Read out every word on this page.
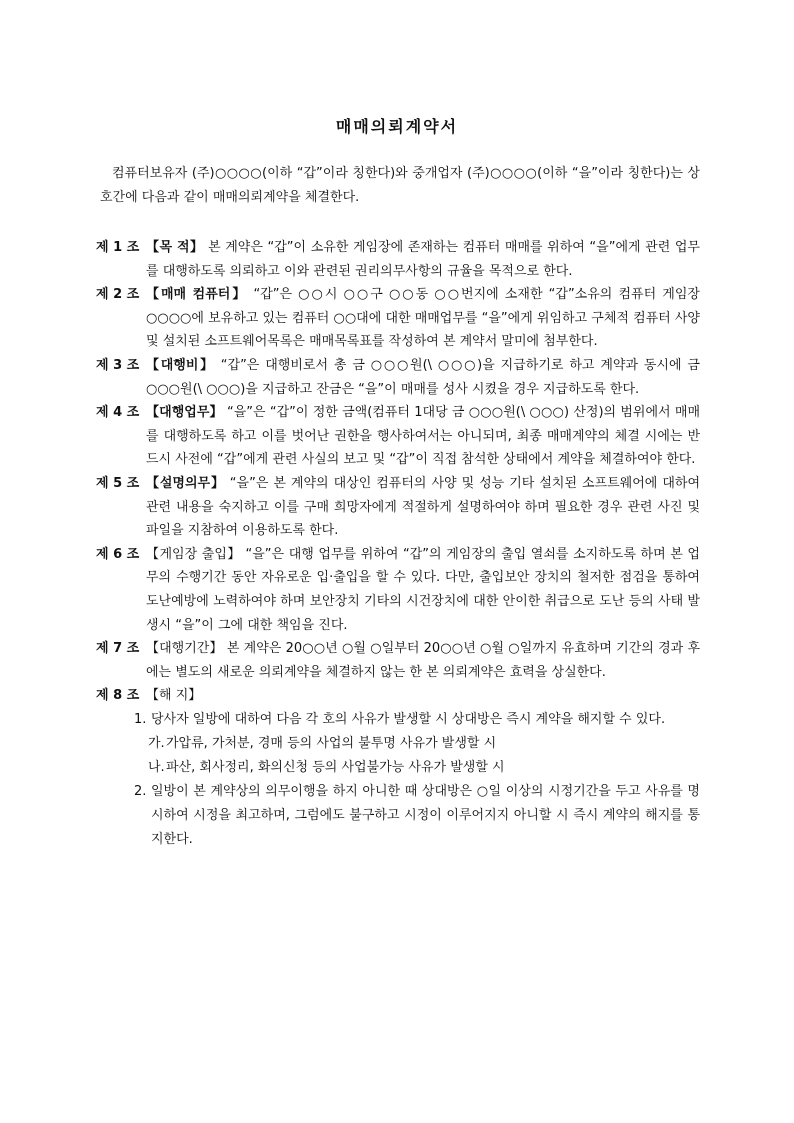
매매의뢰계약서
컴퓨터보유자 (주)○○○○(이하 “갑”이라 칭한다)와 중개업자 (주)○○○○(이하 “을”이라 칭한다)는 상호간에 다음과 같이 매매의뢰계약을 체결한다.
제 1 조 【목 적】 본 계약은 “갑”이 소유한 게임장에 존재하는 컴퓨터 매매를 위하여 “을”에게 관련 업무를 대행하도록 의뢰하고 이와 관련된 권리의무사항의 규율을 목적으로 한다.
제 2 조 【매매 컴퓨터】 “갑”은 ○○시 ○○구 ○○동 ○○번지에 소재한 “갑”소유의 컴퓨터 게임장 ○○○○에 보유하고 있는 컴퓨터 ○○대에 대한 매매업무를 “을”에게 위임하고 구체적 컴퓨터 사양 및 설치된 소프트웨어목록은 매매목록표를 작성하여 본 계약서 말미에 첨부한다.
제 3 조 【대행비】 “갑”은 대행비로서 총 금 ○○○원(\ ○○○)을 지급하기로 하고 계약과 동시에 금 ○○○원(\ ○○○)을 지급하고 잔금은 “을”이 매매를 성사 시켰을 경우 지급하도록 한다.
제 4 조 【대행업무】 “을”은 “갑”이 정한 금액(컴퓨터 1대당 금 ○○○원(\ ○○○) 산정)의 범위에서 매매를 대행하도록 하고 이를 벗어난 권한을 행사하여서는 아니되며, 최종 매매계약의 체결 시에는 반드시 사전에 “갑”에게 관련 사실의 보고 및 “갑”이 직접 참석한 상태에서 계약을 체결하여야 한다.
제 5 조 【설명의무】 “을”은 본 계약의 대상인 컴퓨터의 사양 및 성능 기타 설치된 소프트웨어에 대하여 관련 내용을 숙지하고 이를 구매 희망자에게 적절하게 설명하여야 하며 필요한 경우 관련 사진 및 파일을 지참하여 이용하도록 한다.
제 6 조 【게임장 출입】 “을”은 대행 업무를 위하여 “갑”의 게임장의 출입 열쇠를 소지하도록 하며 본 업무의 수행기간 동안 자유로운 입·출입을 할 수 있다. 다만, 출입보안 장치의 철저한 점검을 통하여 도난예방에 노력하여야 하며 보안장치 기타의 시건장치에 대한 안이한 취급으로 도난 등의 사태 발생시 “을”이 그에 대한 책임을 진다.
제 7 조 【대행기간】 본 계약은 20○○년 ○월 ○일부터 20○○년 ○월 ○일까지 유효하며 기간의 경과 후에는 별도의 새로운 의뢰계약을 체결하지 않는 한 본 의뢰계약은 효력을 상실한다.
제 8 조 【해 지】
1. 당사자 일방에 대하여 다음 각 호의 사유가 발생할 시 상대방은 즉시 계약을 해지할 수 있다.
가. 가압류, 가처분, 경매 등의 사업의 불투명 사유가 발생할 시
나. 파산, 회사정리, 화의신청 등의 사업불가능 사유가 발생할 시
2. 일방이 본 계약상의 의무이행을 하지 아니한 때 상대방은 ○일 이상의 시정기간을 두고 사유를 명시하여 시정을 최고하며, 그럼에도 불구하고 시정이 이루어지지 아니할 시 즉시 계약의 해지를 통지한다.
